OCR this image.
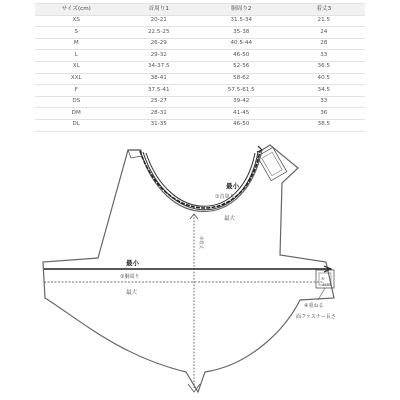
サイズ(cm)	首周り1	胴周り2	着丈3
XS	20-21	31.5-34	21.5
S	22.5-25	35-38	24
M	26-29	40.5-44	28
L	29-32	46-50	33
XL	34-37.5	52-56	36.5
XXL	38-41	58-62	40.5
F	37.5-41	57.5-61.5	34.5
DS	25-27	39-42	33
DM	28-31	41-45	36
DL	31-35	46-50	38.5
最小
①首周り
最大
③着丈
最小
②胴周り
最大
④
3cm
④重ねる
面ファスナー長さ
